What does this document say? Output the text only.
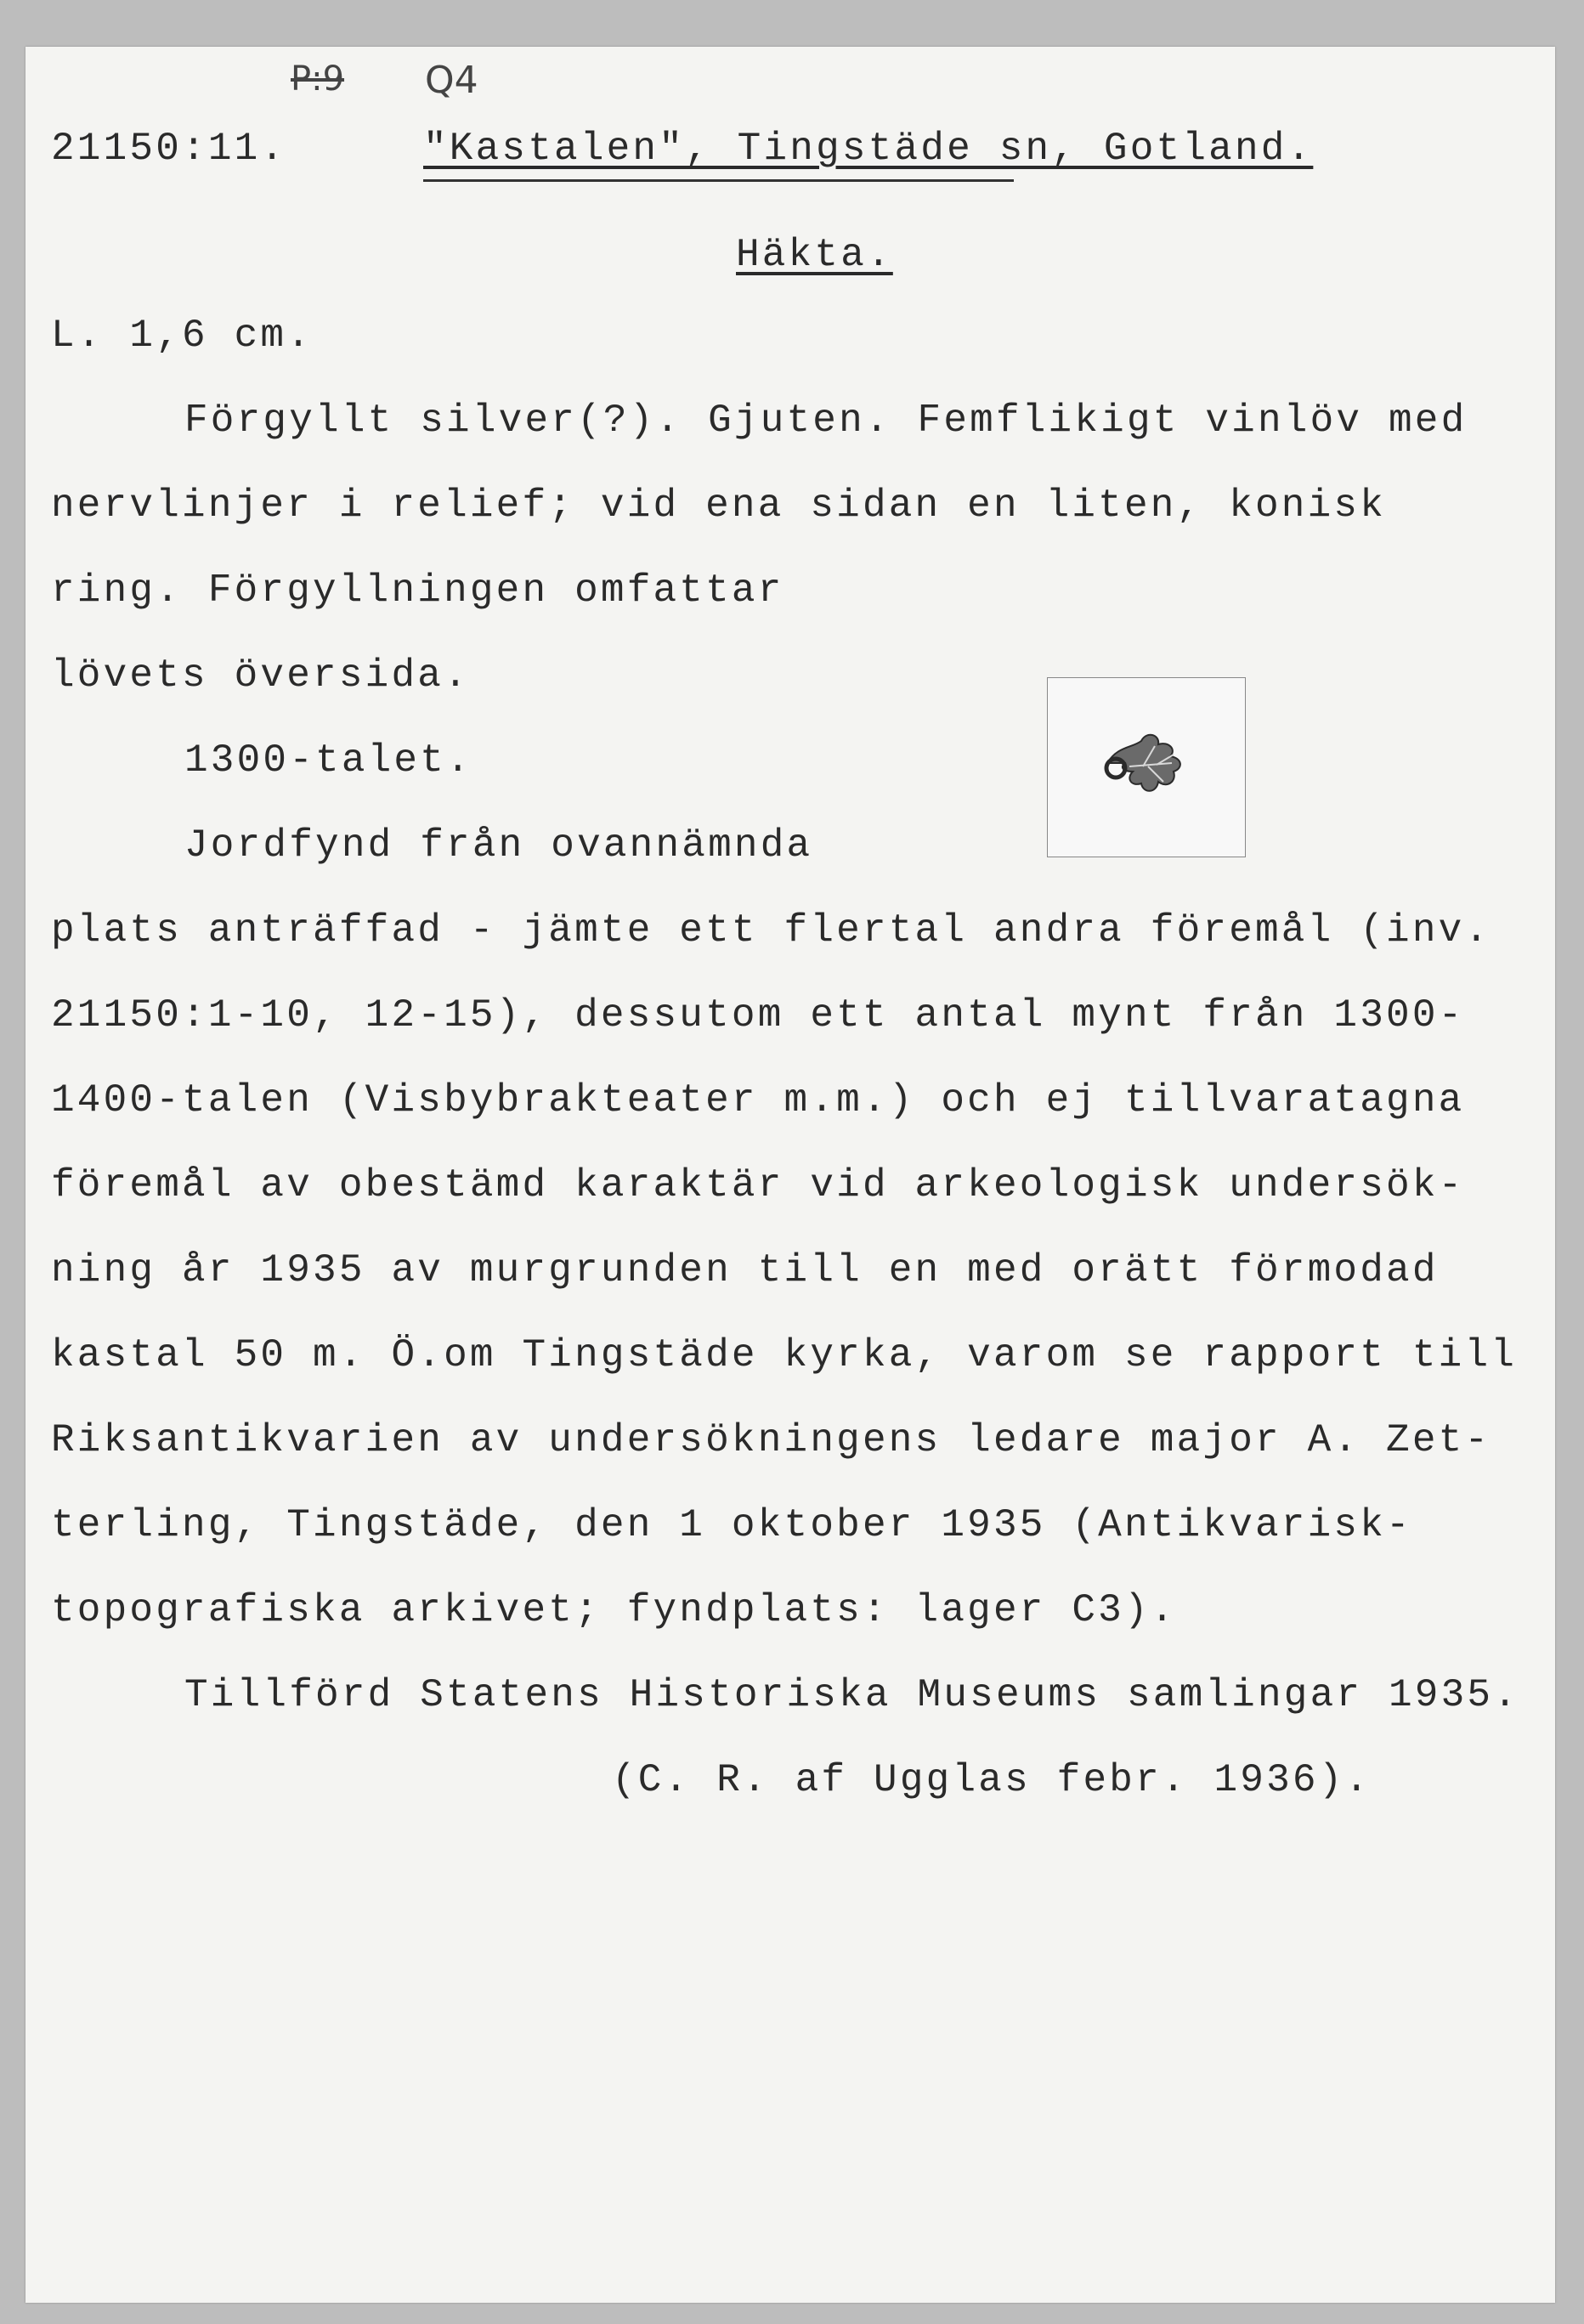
P:9 Q4
21150:11.	"Kastalen", Tingstäde sn, Gotland.
Häkta.
L. 1,6 cm.
Förgyllt silver(?). Gjuten. Femflikigt vinlöv med
nervlinjer i relief; vid ena sidan en liten, konisk
ring. Förgyllningen omfattar
lövets översida.
1300-talet.
Jordfynd från ovannämnda
plats anträffad - jämte ett flertal andra föremål (inv.
21150:1-10, 12-15), dessutom ett antal mynt från 1300-
1400-talen (Visbybrakteater m.m.) och ej tillvaratagna
föremål av obestämd karaktär vid arkeologisk undersök-
ning år 1935 av murgrunden till en med orätt förmodad
kastal 50 m. Ö.om Tingstäde kyrka, varom se rapport till
Riksantikvarien av undersökningens ledare major A. Zet-
terling, Tingstäde, den 1 oktober 1935 (Antikvarisk-
topografiska arkivet; fyndplats: lager C3).
Tillförd Statens Historiska Museums samlingar 1935.
(C. R. af Ugglas febr. 1936).
